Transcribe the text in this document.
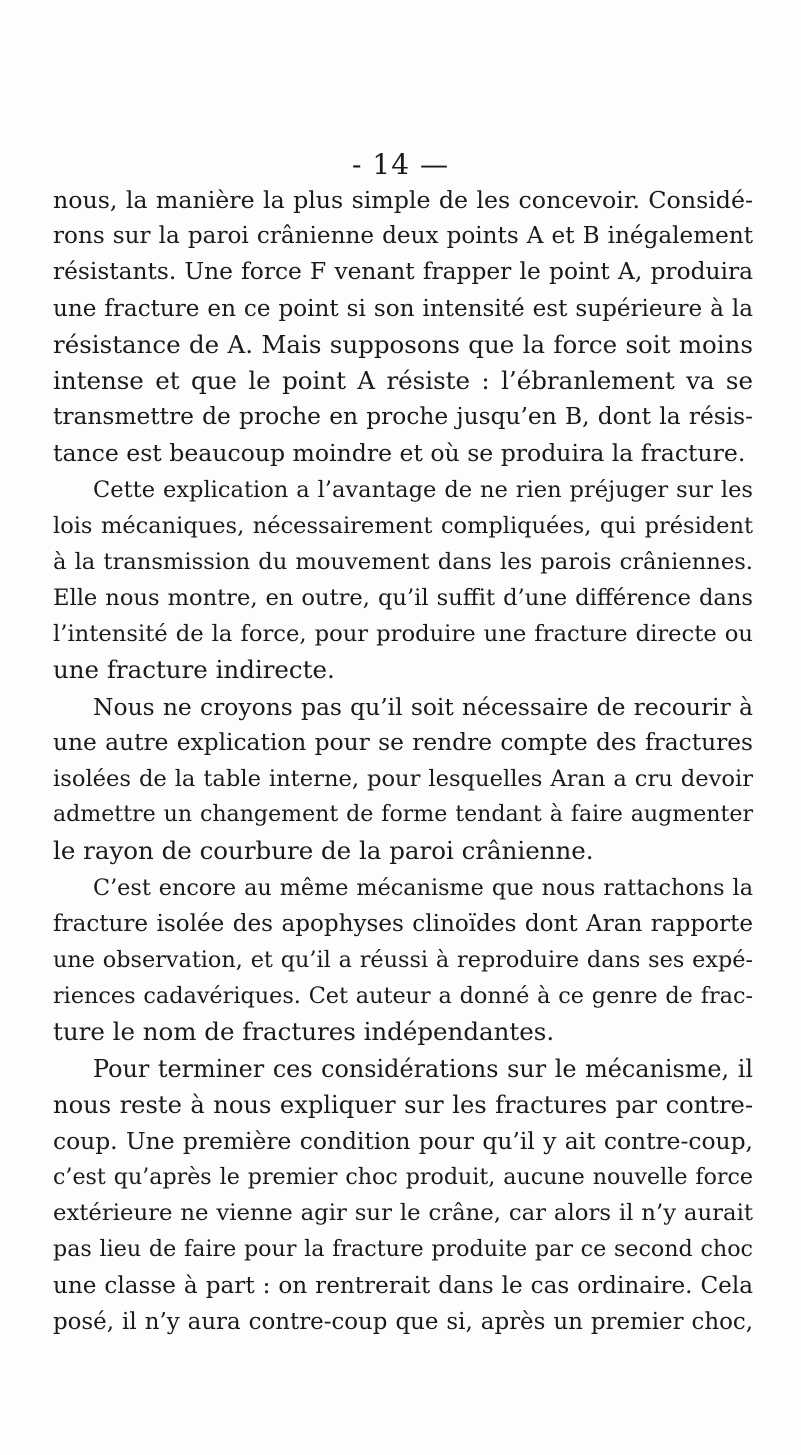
- 14 —
nous, la manière la plus simple de les concevoir. Considé-
rons sur la paroi crânienne deux points A et B inégalement
résistants. Une force F venant frapper le point A, produira
une fracture en ce point si son intensité est supérieure à la
résistance de A. Mais supposons que la force soit moins
intense et que le point A résiste : l’ébranlement va se
transmettre de proche en proche jusqu’en B, dont la résis-
tance est beaucoup moindre et où se produira la fracture.
Cette explication a l’avantage de ne rien préjuger sur les
lois mécaniques, nécessairement compliquées, qui président
à la transmission du mouvement dans les parois crâniennes.
Elle nous montre, en outre, qu’il suffit d’une différence dans
l’intensité de la force, pour produire une fracture directe ou
une fracture indirecte.
Nous ne croyons pas qu’il soit nécessaire de recourir à
une autre explication pour se rendre compte des fractures
isolées de la table interne, pour lesquelles Aran a cru devoir
admettre un changement de forme tendant à faire augmenter
le rayon de courbure de la paroi crânienne.
C’est encore au même mécanisme que nous rattachons la
fracture isolée des apophyses clinoïdes dont Aran rapporte
une observation, et qu’il a réussi à reproduire dans ses expé-
riences cadavériques. Cet auteur a donné à ce genre de frac-
ture le nom de fractures indépendantes.
Pour terminer ces considérations sur le mécanisme, il
nous reste à nous expliquer sur les fractures par contre-
coup. Une première condition pour qu’il y ait contre-coup,
c’est qu’après le premier choc produit, aucune nouvelle force
extérieure ne vienne agir sur le crâne, car alors il n’y aurait
pas lieu de faire pour la fracture produite par ce second choc
une classe à part : on rentrerait dans le cas ordinaire. Cela
posé, il n’y aura contre-coup que si, après un premier choc,
